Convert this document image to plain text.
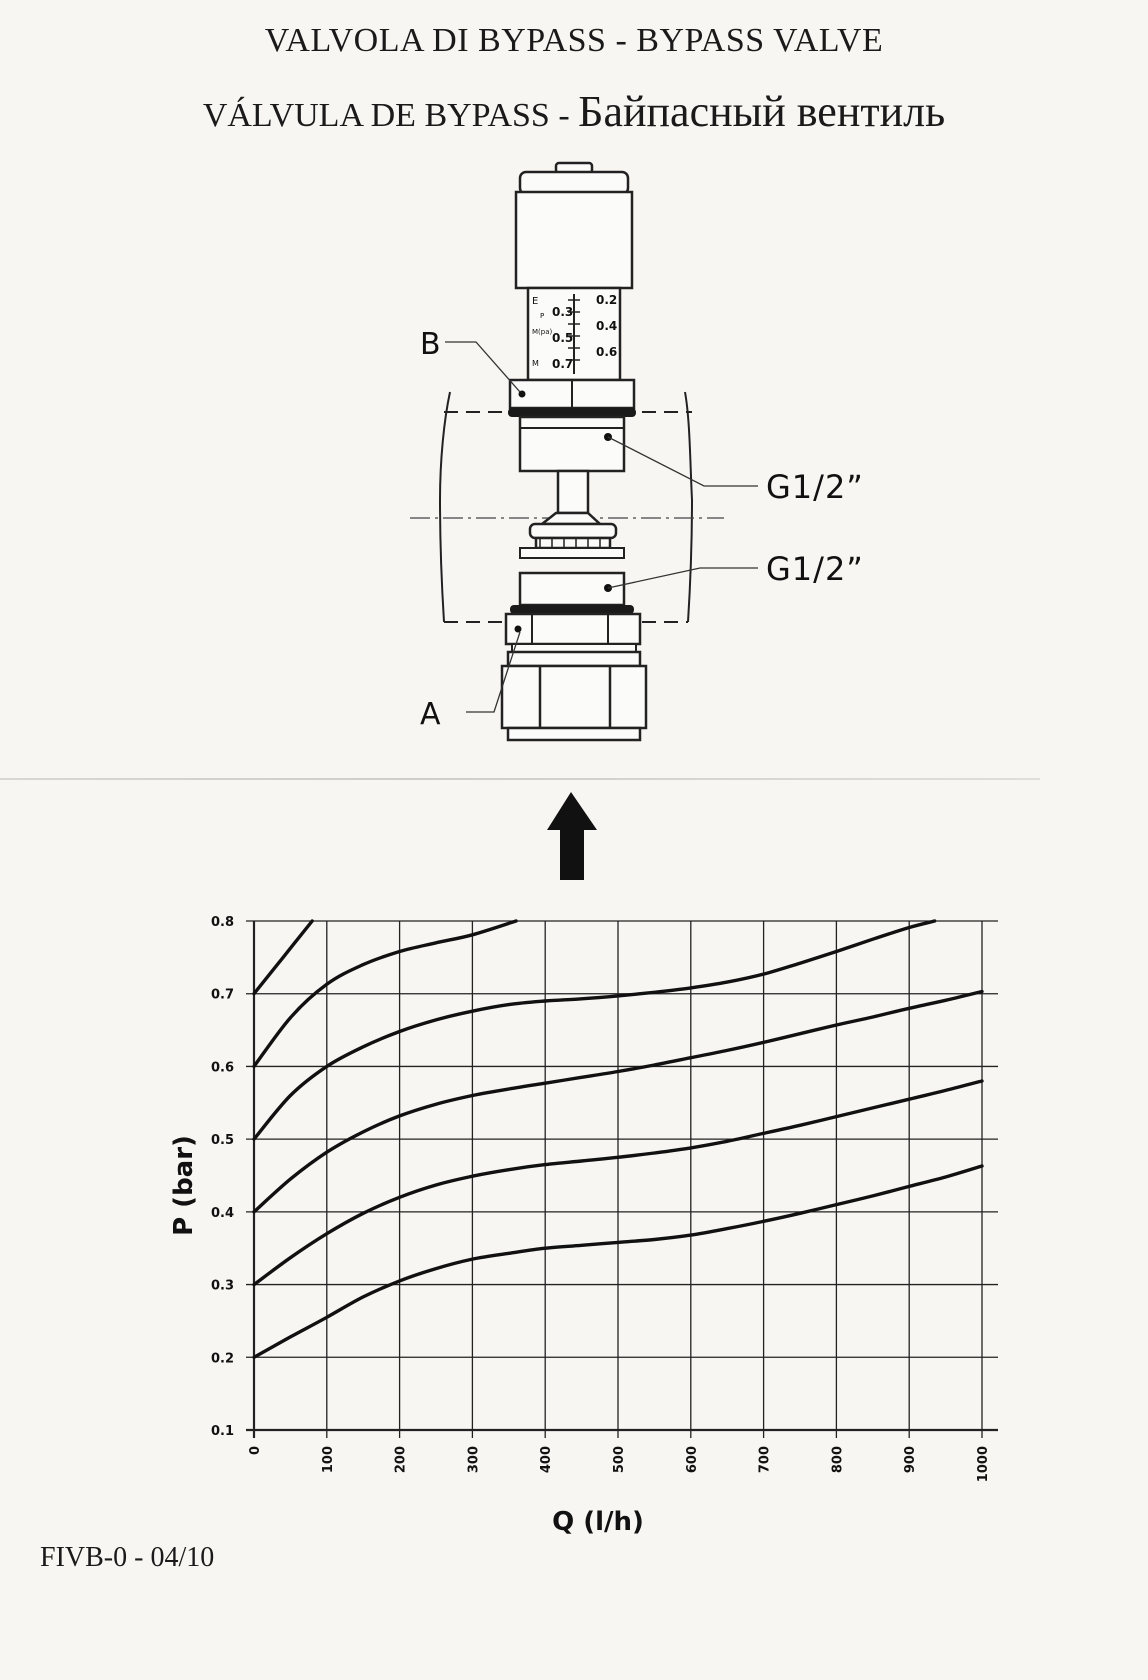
VALVOLA DI BYPASS - BYPASS VALVE
VÁLVULA DE BYPASS - Байпасный вентиль
E
P
M(pa)
M
0.3
0.5
0.7
0.2
0.4
0.6
B
A
G1/2”
G1/2”
0	100	200	300	400	500	600	700	800	900	1000
0.1
0.2
0.3
0.4
0.5
0.6
0.7
0.8
Q (l/h)
P (bar)
FIVB-0 - 04/10
